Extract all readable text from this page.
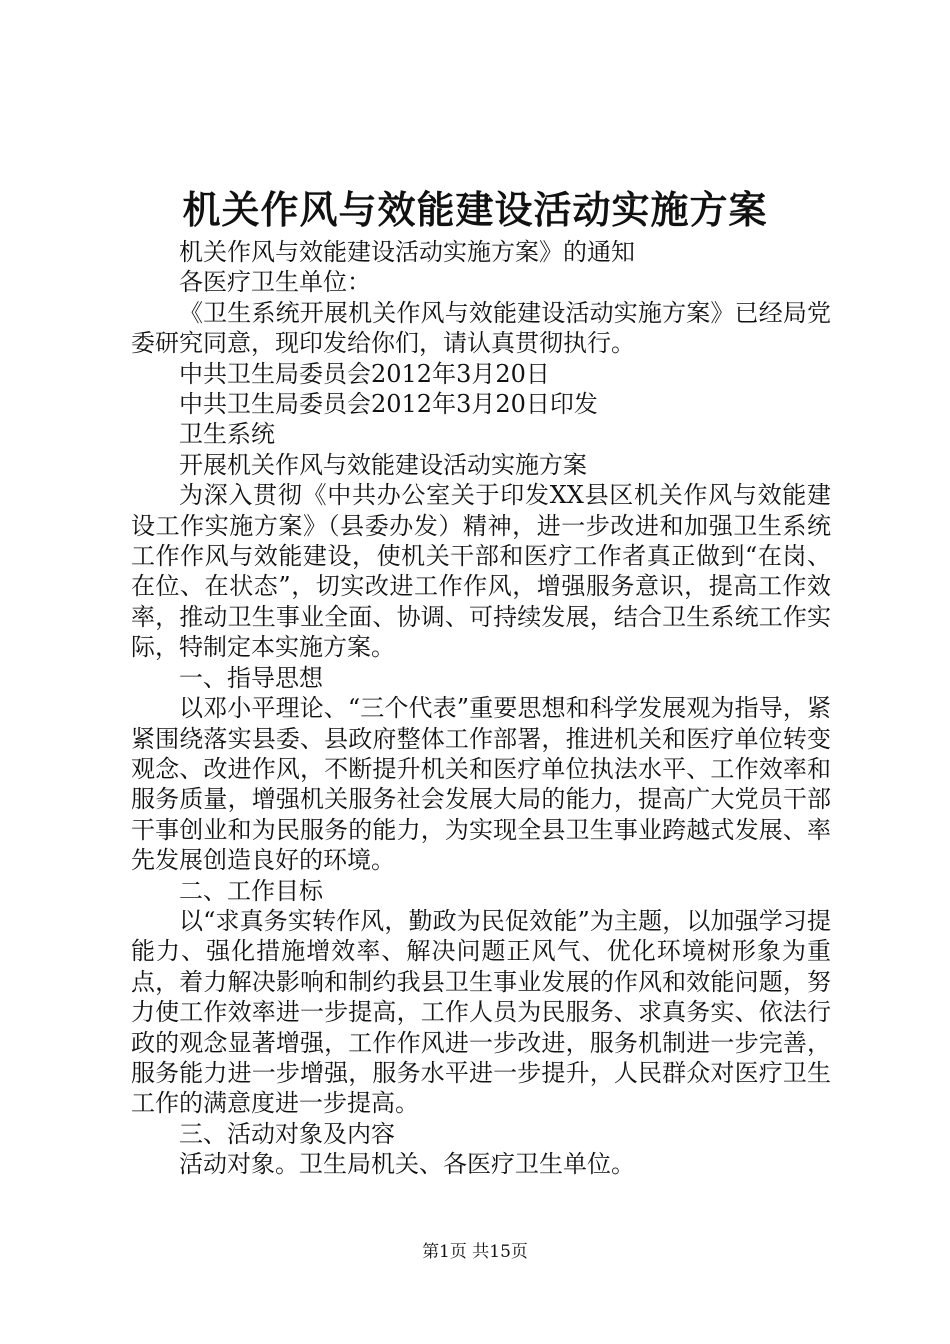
机关作风与效能建设活动实施方案

机关作风与效能建设活动实施方案》的通知

各医疗卫生单位：

《卫生系统开展机关作风与效能建设活动实施方案》已经局党委研究同意，现印发给你们，请认真贯彻执行。

中共卫生局委员会2012年3月20日

中共卫生局委员会2012年3月20日印发

卫生系统

开展机关作风与效能建设活动实施方案

为深入贯彻《中共办公室关于印发XX县区机关作风与效能建设工作实施方案》（县委办发）精神，进一步改进和加强卫生系统工作作风与效能建设，使机关干部和医疗工作者真正做到“在岗、在位、在状态”，切实改进工作作风，增强服务意识，提高工作效率，推动卫生事业全面、协调、可持续发展，结合卫生系统工作实际，特制定本实施方案。

一、指导思想

以邓小平理论、“三个代表”重要思想和科学发展观为指导，紧紧围绕落实县委、县政府整体工作部署，推进机关和医疗单位转变观念、改进作风，不断提升机关和医疗单位执法水平、工作效率和服务质量，增强机关服务社会发展大局的能力，提高广大党员干部干事创业和为民服务的能力，为实现全县卫生事业跨越式发展、率先发展创造良好的环境。

二、工作目标

以“求真务实转作风，勤政为民促效能”为主题，以加强学习提能力、强化措施增效率、解决问题正风气、优化环境树形象为重点，着力解决影响和制约我县卫生事业发展的作风和效能问题，努力使工作效率进一步提高，工作人员为民服务、求真务实、依法行政的观念显著增强，工作作风进一步改进，服务机制进一步完善，服务能力进一步增强，服务水平进一步提升，人民群众对医疗卫生工作的满意度进一步提高。

三、活动对象及内容

活动对象。卫生局机关、各医疗卫生单位。

第1页 共15页
